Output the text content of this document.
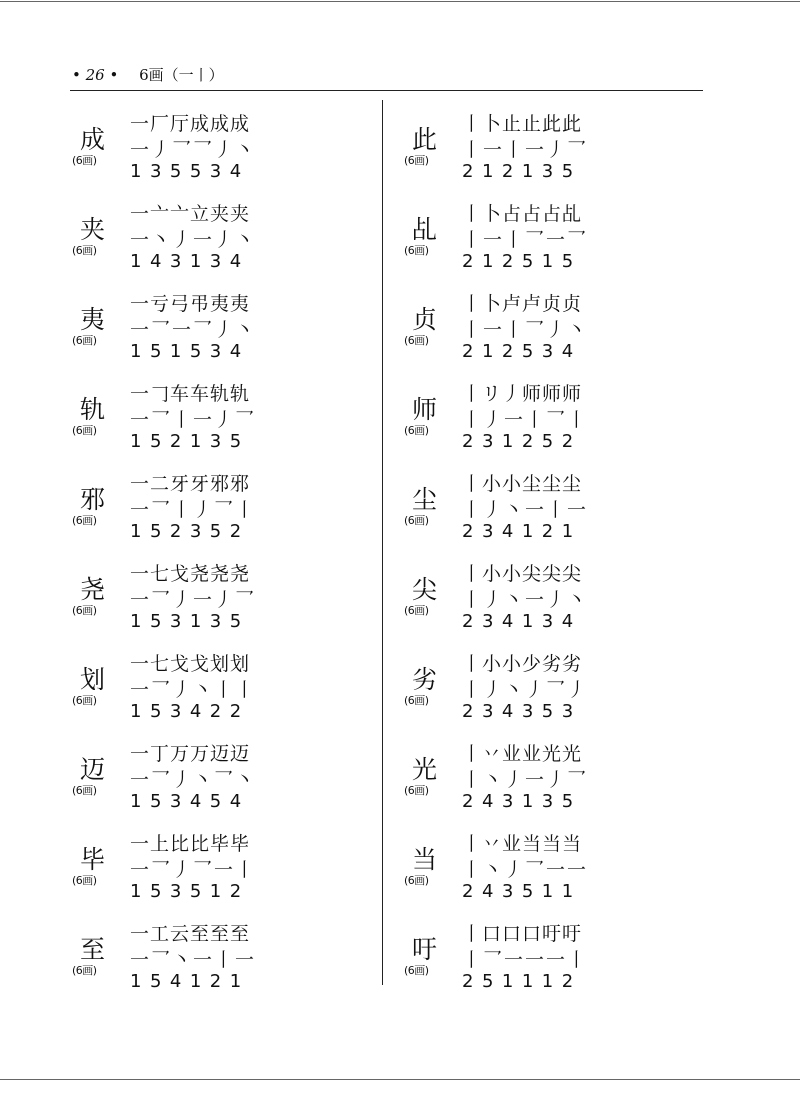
• 26 • 6画（一丨）
成
(6画)
一厂厅成成成
一丿乛乛丿丶
135534
夹
(6画)
一亠亠立夹夹
一丶丿一丿丶
143134
夷
(6画)
一亏弓弔夷夷
一乛一乛丿丶
151534
轨
(6画)
一𠃌车车轨轨
一乛丨一丿乛
152135
邪
(6画)
一二牙牙邪邪
一乛丨丿乛丨
152352
尧
(6画)
一七戈尧尧尧
一乛丿一丿乛
153135
划
(6画)
一七戈戈划划
一乛丿丶丨丨
153422
迈
(6画)
一丁万万迈迈
一乛丿丶乛丶
153454
毕
(6画)
一上比比毕毕
一乛丿乛一丨
153512
至
(6画)
一工云至至至
一乛丶一丨一
154121
此
(6画)
丨卜止止此此
丨一丨一丿乛
212135
乩
(6画)
丨卜占占占乩
丨一丨乛一乛
212515
贞
(6画)
丨卜卢卢贞贞
丨一丨乛丿丶
212534
师
(6画)
丨リ丿师师师
丨丿一丨乛丨
231252
尘
(6画)
丨小小尘尘尘
丨丿丶一丨一
234121
尖
(6画)
丨小小尖尖尖
丨丿丶一丿丶
234134
劣
(6画)
丨小小少劣劣
丨丿丶丿乛丿
234353
光
(6画)
丨丷业业光光
丨丶丿一丿乛
243135
当
(6画)
丨丷业当当当
丨丶丿乛一一
243511
吁
(6画)
丨口口口吁吁
丨乛一一一丨
251112
